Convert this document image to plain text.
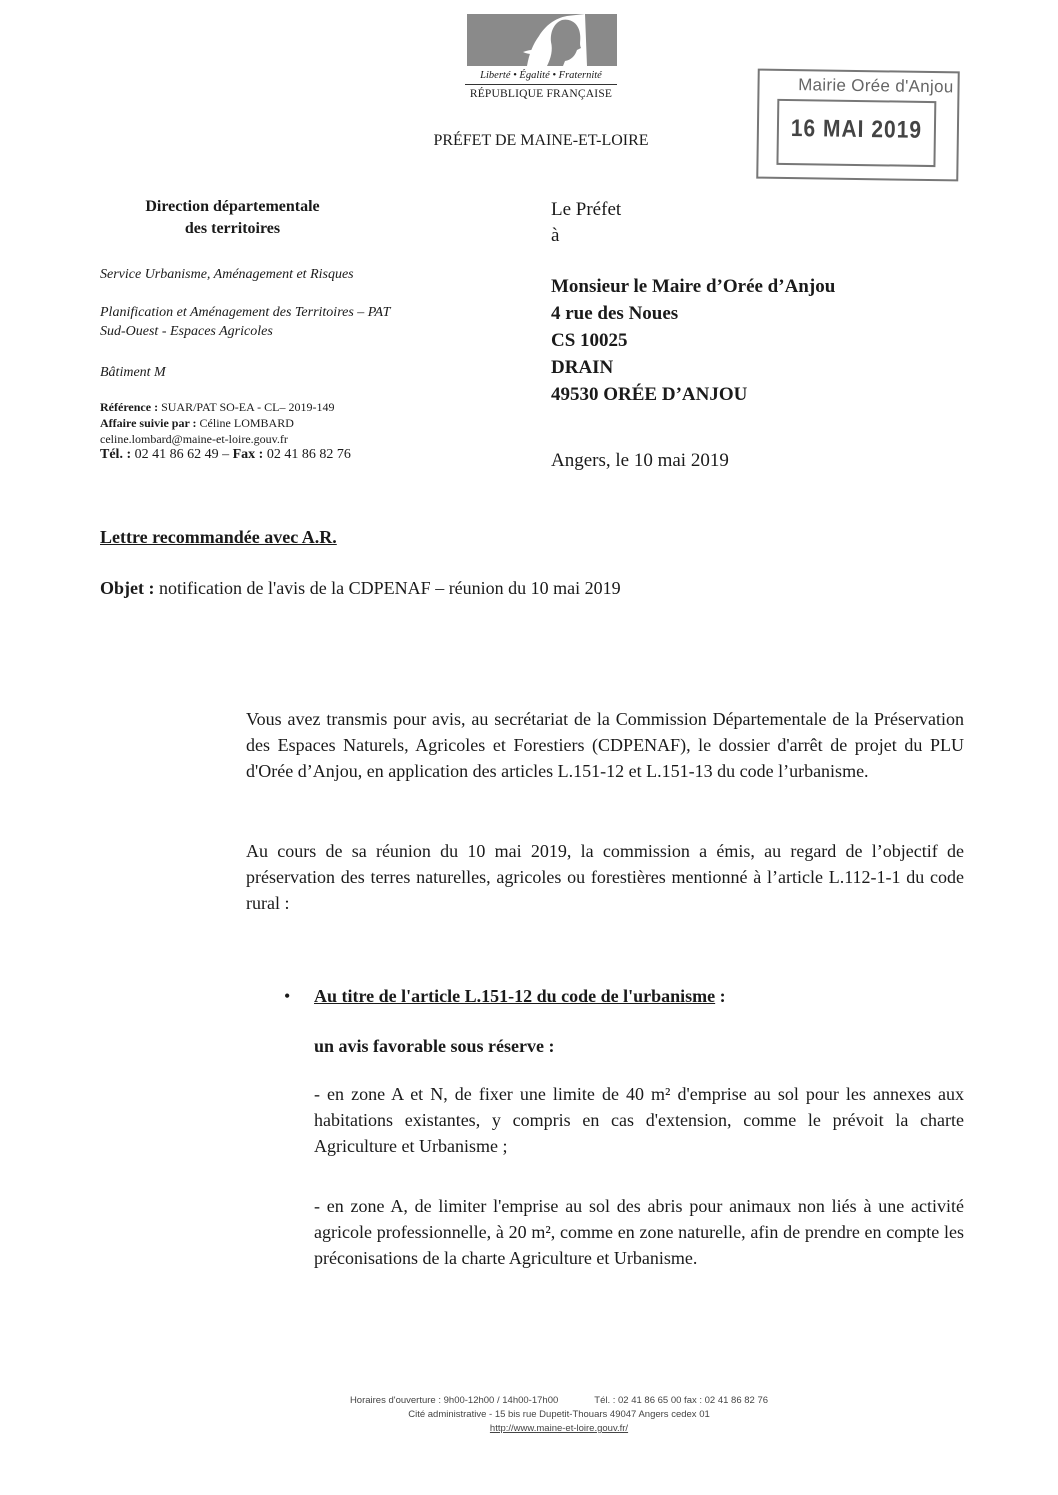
Liberté • Égalité • Fraternité
RÉPUBLIQUE FRANÇAISE
PRÉFET DE MAINE-ET-LOIRE
Mairie Orée d'Anjou
16 MAI 2019
Direction départementale
des territoires
Service Urbanisme, Aménagement et Risques
Planification et Aménagement des Territoires – PAT
Sud-Ouest - Espaces Agricoles
Bâtiment M
Référence : SUAR/PAT SO-EA - CL– 2019-149
Affaire suivie par : Céline LOMBARD
celine.lombard@maine-et-loire.gouv.fr
Tél. : 02 41 86 62 49 – Fax : 02 41 86 82 76
Le Préfet
à
Monsieur le Maire d’Orée d’Anjou
4 rue des Noues
CS 10025
DRAIN
49530 ORÉE D’ANJOU
Angers, le 10 mai 2019
Lettre recommandée avec A.R.
Objet : notification de l'avis de la CDPENAF – réunion du 10 mai 2019
Vous avez transmis pour avis, au secrétariat de la Commission Départementale de la Préservation des Espaces Naturels, Agricoles et Forestiers (CDPENAF), le dossier d'arrêt de projet du PLU d'Orée d’Anjou, en application des articles L.151-12 et L.151-13 du code l’urbanisme.
Au cours de sa réunion du 10 mai 2019, la commission a émis, au regard de l’objectif de préservation des terres naturelles, agricoles ou forestières mentionné à l’article L.112-1-1 du code rural :
• Au titre de l'article L.151-12 du code de l'urbanisme :
un avis favorable sous réserve :
- en zone A et N, de fixer une limite de 40 m² d'emprise au sol pour les annexes aux habitations existantes, y compris en cas d'extension, comme le prévoit la charte Agriculture et Urbanisme ;
- en zone A, de limiter l'emprise au sol des abris pour animaux non liés à une activité agricole professionnelle, à 20 m², comme en zone naturelle, afin de prendre en compte les préconisations de la charte Agriculture et Urbanisme.
Horaires d'ouverture : 9h00-12h00 / 14h00-17h00	Tél. : 02 41 86 65 00 fax : 02 41 86 82 76
Cité administrative - 15 bis rue Dupetit-Thouars 49047 Angers cedex 01
http://www.maine-et-loire.gouv.fr/
